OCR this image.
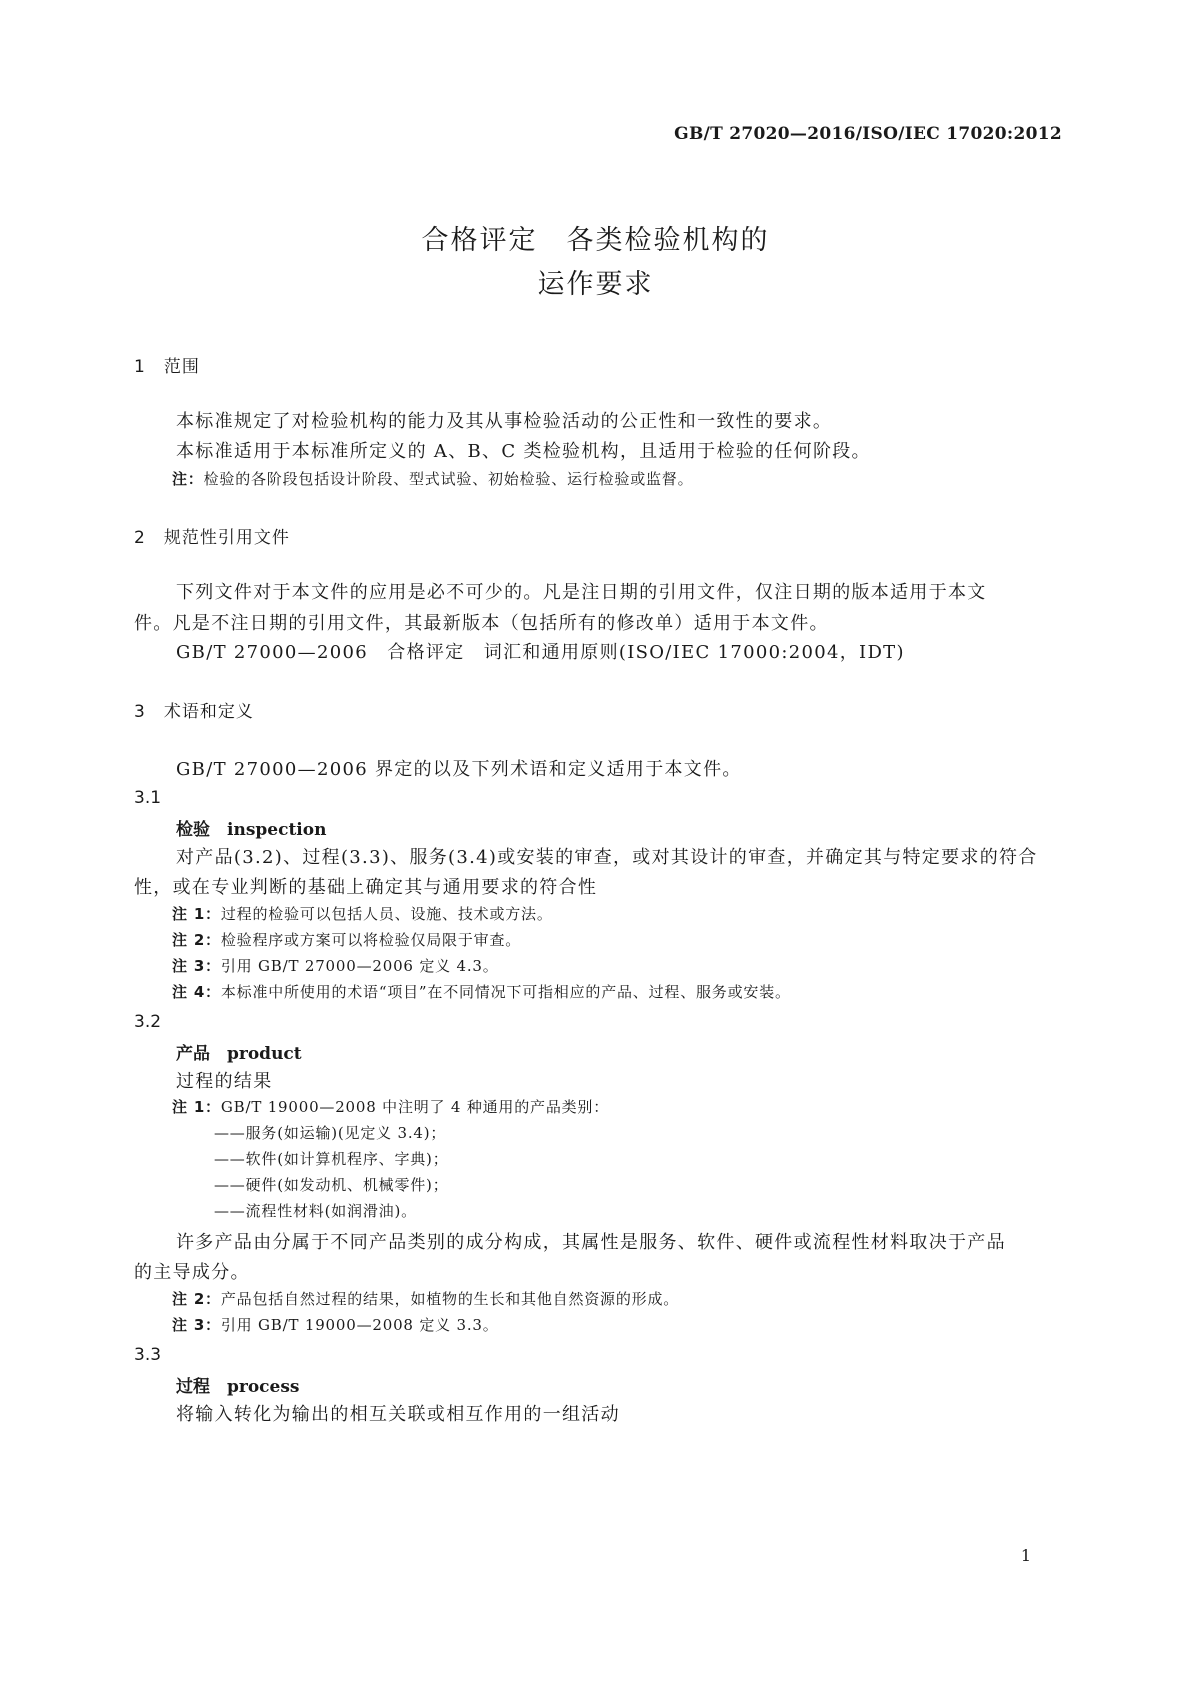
GB/T 27020—2016/ISO/IEC 17020:2012
合格评定　各类检验机构的
运作要求
1　范围
本标准规定了对检验机构的能力及其从事检验活动的公正性和一致性的要求。
本标准适用于本标准所定义的 A、B、C 类检验机构，且适用于检验的任何阶段。
注：检验的各阶段包括设计阶段、型式试验、初始检验、运行检验或监督。
2　规范性引用文件
下列文件对于本文件的应用是必不可少的。凡是注日期的引用文件，仅注日期的版本适用于本文
件。凡是不注日期的引用文件，其最新版本（包括所有的修改单）适用于本文件。
GB/T 27000—2006　合格评定　词汇和通用原则(ISO/IEC 17000:2004，IDT)
3　术语和定义
GB/T 27000—2006 界定的以及下列术语和定义适用于本文件。
3.1
检验　 inspection
对产品(3.2)、过程(3.3)、服务(3.4)或安装的审查，或对其设计的审查，并确定其与特定要求的符合
性，或在专业判断的基础上确定其与通用要求的符合性
注 1：过程的检验可以包括人员、设施、技术或方法。
注 2：检验程序或方案可以将检验仅局限于审查。
注 3：引用 GB/T 27000—2006 定义 4.3。
注 4：本标准中所使用的术语“项目”在不同情况下可指相应的产品、过程、服务或安装。
3.2
产品　 product
过程的结果
注 1：GB/T 19000—2008 中注明了 4 种通用的产品类别：
——服务(如运输)(见定义 3.4)；
——软件(如计算机程序、字典)；
——硬件(如发动机、机械零件)；
——流程性材料(如润滑油)。
许多产品由分属于不同产品类别的成分构成，其属性是服务、软件、硬件或流程性材料取决于产品
的主导成分。
注 2：产品包括自然过程的结果，如植物的生长和其他自然资源的形成。
注 3：引用 GB/T 19000—2008 定义 3.3。
3.3
过程　 process
将输入转化为输出的相互关联或相互作用的一组活动
1
